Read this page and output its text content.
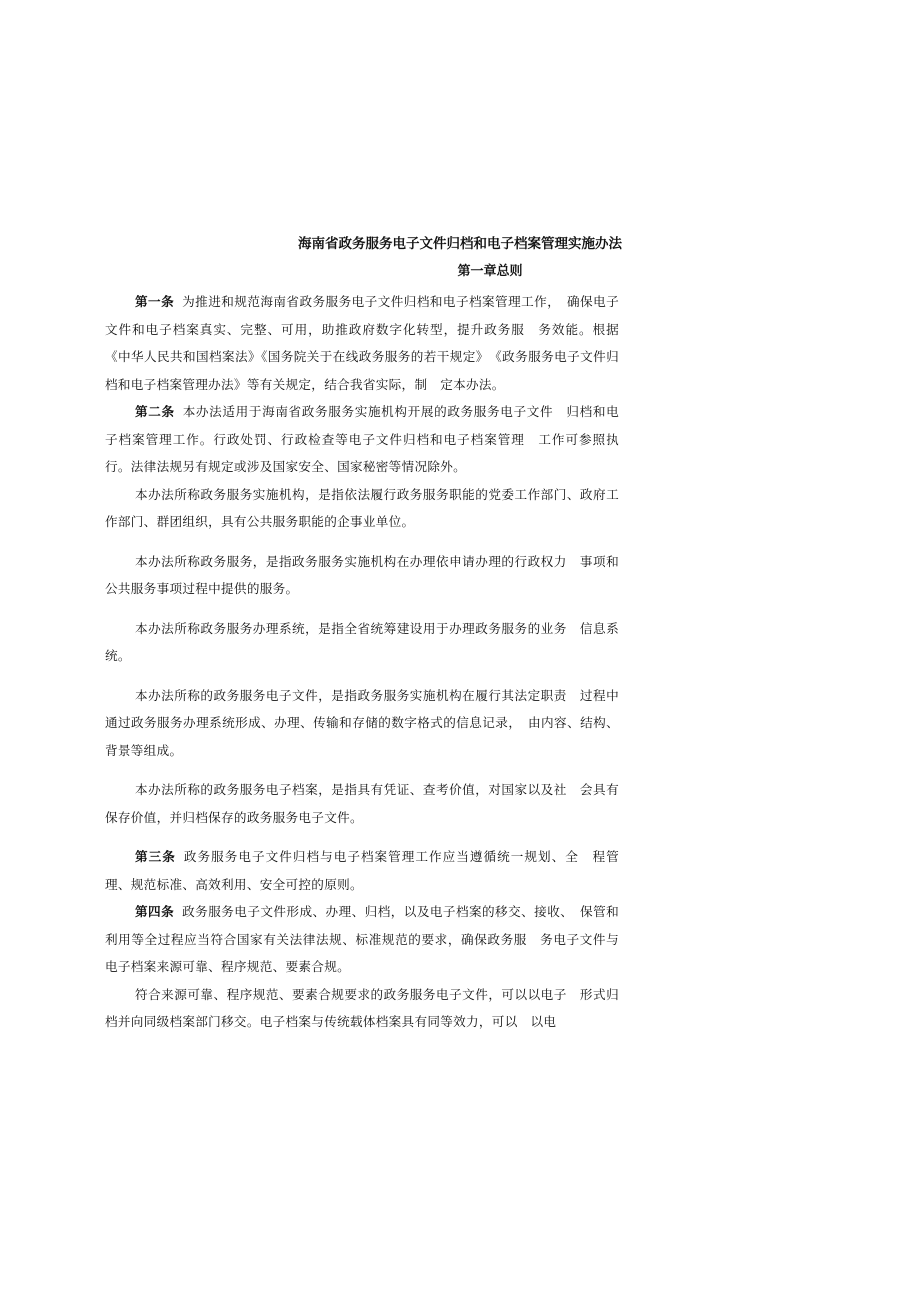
海南省政务服务电子文件归档和电子档案管理实施办法
第一章总则

第一条 为推进和规范海南省政务服务电子文件归档和电子档案管理工作，　确保电子文件和电子档案真实、完整、可用，助推政府数字化转型，提升政务服　务效能。根据《中华人民共和国档案法》《国务院关于在线政务服务的若干规定》　《政务服务电子文件归档和电子档案管理办法》等有关规定，结合我省实际，制　定本办法。

第二条 本办法适用于海南省政务服务实施机构开展的政务服务电子文件　归档和电子档案管理工作。行政处罚、行政检查等电子文件归档和电子档案管理　工作可参照执行。法律法规另有规定或涉及国家安全、国家秘密等情况除外。

本办法所称政务服务实施机构，是指依法履行政务服务职能的党委工作部门、政府工作部门、群团组织，具有公共服务职能的企事业单位。

本办法所称政务服务，是指政务服务实施机构在办理依申请办理的行政权力　事项和公共服务事项过程中提供的服务。

本办法所称政务服务办理系统，是指全省统筹建设用于办理政务服务的业务　信息系统。

本办法所称的政务服务电子文件，是指政务服务实施机构在履行其法定职责　过程中通过政务服务办理系统形成、办理、传输和存储的数字格式的信息记录，　由内容、结构、背景等组成。

本办法所称的政务服务电子档案，是指具有凭证、查考价值，对国家以及社　会具有保存价值，并归档保存的政务服务电子文件。

第三条 政务服务电子文件归档与电子档案管理工作应当遵循统一规划、全　程管理、规范标准、高效利用、安全可控的原则。

第四条 政务服务电子文件形成、办理、归档，以及电子档案的移交、接收、　保管和利用等全过程应当符合国家有关法律法规、标准规范的要求，确保政务服　务电子文件与电子档案来源可靠、程序规范、要素合规。

符合来源可靠、程序规范、要素合规要求的政务服务电子文件，可以以电子　形式归档并向同级档案部门移交。电子档案与传统载体档案具有同等效力，可以　以电
